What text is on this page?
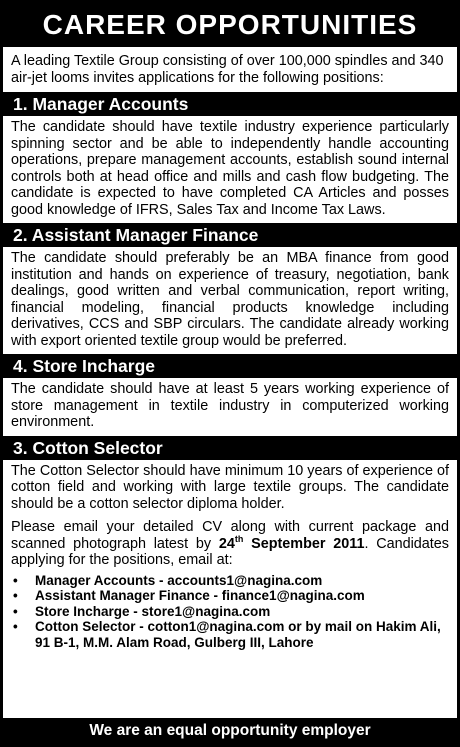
CAREER OPPORTUNITIES

A leading Textile Group consisting of over 100,000 spindles and 340 air-jet looms invites applications for the following positions:

1. Manager Accounts

The candidate should have textile industry experience particularly spinning sector and be able to independently handle accounting operations, prepare management accounts, establish sound internal controls both at head office and mills and cash flow budgeting. The candidate is expected to have completed CA Articles and posses good knowledge of IFRS, Sales Tax and Income Tax Laws.

2. Assistant Manager Finance

The candidate should preferably be an MBA finance from good institution and hands on experience of treasury, negotiation, bank dealings, good written and verbal communication, report writing, financial modeling, financial products knowledge including derivatives, CCS and SBP circulars. The candidate already working with export oriented textile group would be preferred.

4. Store Incharge

The candidate should have at least 5 years working experience of store management in textile industry in computerized working environment.

3. Cotton Selector

The Cotton Selector should have minimum 10 years of experience of cotton field and working with large textile groups. The candidate should be a cotton selector diploma holder.

Please email your detailed CV along with current package and scanned photograph latest by 24th September 2011. Candidates applying for the positions, email at:

•	Manager Accounts - accounts1@nagina.com
•	Assistant Manager Finance - finance1@nagina.com
•	Store Incharge - store1@nagina.com
•	Cotton Selector - cotton1@nagina.com or by mail on Hakim Ali, 91 B-1, M.M. Alam Road, Gulberg III, Lahore
We are an equal opportunity employer
